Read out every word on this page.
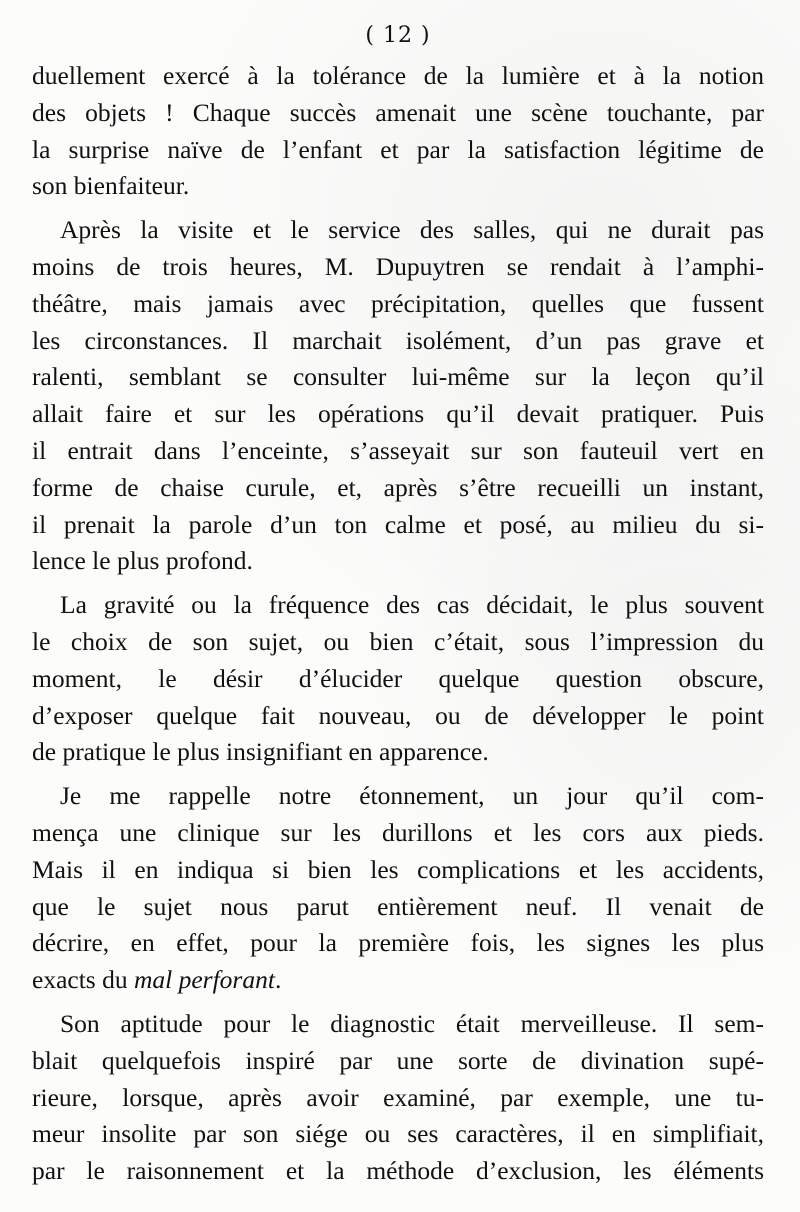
( 12 )
duellement exercé à la tolérance de la lumière et à la notion
des objets ! Chaque succès amenait une scène touchante, par
la surprise naïve de l’enfant et par la satisfaction légitime de
son bienfaiteur.
Après la visite et le service des salles, qui ne durait pas
moins de trois heures, M. Dupuytren se rendait à l’amphi-
théâtre, mais jamais avec précipitation, quelles que fussent
les circonstances. Il marchait isolément, d’un pas grave et
ralenti, semblant se consulter lui-même sur la leçon qu’il
allait faire et sur les opérations qu’il devait pratiquer. Puis
il entrait dans l’enceinte, s’asseyait sur son fauteuil vert en
forme de chaise curule, et, après s’être recueilli un instant,
il prenait la parole d’un ton calme et posé, au milieu du si-
lence le plus profond.
La gravité ou la fréquence des cas décidait, le plus souvent
le choix de son sujet, ou bien c’était, sous l’impression du
moment, le désir d’élucider quelque question obscure,
d’exposer quelque fait nouveau, ou de développer le point
de pratique le plus insignifiant en apparence.
Je me rappelle notre étonnement, un jour qu’il com-
mença une clinique sur les durillons et les cors aux pieds.
Mais il en indiqua si bien les complications et les accidents,
que le sujet nous parut entièrement neuf. Il venait de
décrire, en effet, pour la première fois, les signes les plus
exacts du mal perforant.
Son aptitude pour le diagnostic était merveilleuse. Il sem-
blait quelquefois inspiré par une sorte de divination supé-
rieure, lorsque, après avoir examiné, par exemple, une tu-
meur insolite par son siége ou ses caractères, il en simplifiait,
par le raisonnement et la méthode d’exclusion, les éléments
